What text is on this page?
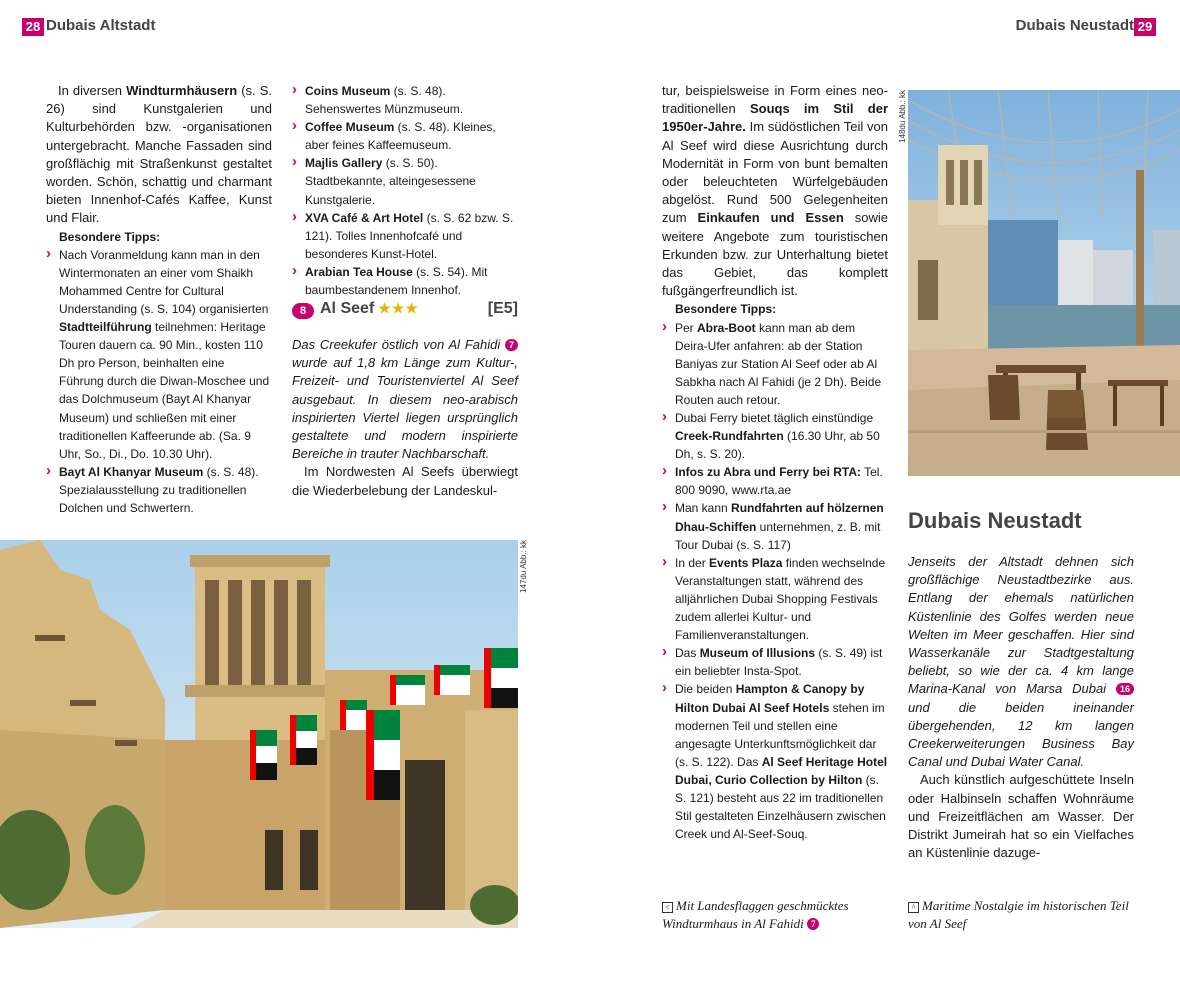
28 Dubais Altstadt	Dubais Neustadt 29

In diversen Windturmhäusern (s. S. 26) sind Kunstgalerien und Kulturbehörden bzw. -organisationen untergebracht. Manche Fassaden sind großflächig mit Straßenkunst gestaltet worden. Schön, schattig und charmant bieten Innenhof-Cafés Kaffee, Kunst und Flair.

Besondere Tipps:
› Nach Voranmeldung kann man in den Wintermonaten an einer vom Shaikh Mohammed Centre for Cultural Understanding (s. S. 104) organisierten Stadtteilführung teilnehmen: Heritage Touren dauern ca. 90 Min., kosten 110 Dh pro Person, beinhalten eine Führung durch die Diwan-Moschee und das Dolchmuseum (Bayt Al Khanyar Museum) und schließen mit einer traditionellen Kaffeerunde ab. (Sa. 9 Uhr, So., Di., Do. 10.30 Uhr).
› Bayt Al Khanyar Museum (s. S. 48). Spezialausstellung zu traditionellen Dolchen und Schwertern.
› Coins Museum (s. S. 48). Sehenswertes Münzmuseum.
› Coffee Museum (s. S. 48). Kleines, aber feines Kaffeemuseum.
› Majlis Gallery (s. S. 50). Stadtbekannte, alteingesessene Kunstgalerie.
› XVA Café & Art Hotel (s. S. 62 bzw. S. 121). Tolles Innenhofcafé und besonderes Kunst-Hotel.
› Arabian Tea House (s. S. 54). Mit baumbestandenem Innenhof.
8 Al Seef ★★★	[E5]

Das Creekufer östlich von Al Fahidi 7 wurde auf 1,8 km Länge zum Kultur-, Freizeit- und Touristenviertel Al Seef ausgebaut. In diesem neo-arabisch inspirierten Viertel liegen ursprünglich gestaltete und modern inspirierte Bereiche in trauter Nachbarschaft.

Im Nordwesten Al Seefs überwiegt die Wiederbelebung der Landeskul-

147du Abb.: kk

tur, beispielsweise in Form eines neo-traditionellen Souqs im Stil der 1950er-Jahre. Im südöstlichen Teil von Al Seef wird diese Ausrichtung durch Modernität in Form von bunt bemalten oder beleuchteten Würfelgebäuden abgelöst. Rund 500 Gelegenheiten zum Einkaufen und Essen sowie weitere Angebote zum touristischen Erkunden bzw. zur Unterhaltung bietet das Gebiet, das komplett fußgängerfreundlich ist.

Besondere Tipps:
› Per Abra-Boot kann man ab dem Deira-Ufer anfahren: ab der Station Baniyas zur Station Al Seef oder ab Al Sabkha nach Al Fahidi (je 2 Dh). Beide Routen auch retour.
› Dubai Ferry bietet täglich einstündige Creek-Rundfahrten (16.30 Uhr, ab 50 Dh, s. S. 20).
› Infos zu Abra und Ferry bei RTA: Tel. 800 9090, www.rta.ae
› Man kann Rundfahrten auf hölzernen Dhau-Schiffen unternehmen, z. B. mit Tour Dubai (s. S. 117)
› In der Events Plaza finden wechselnde Veranstaltungen statt, während des alljährlichen Dubai Shopping Festivals zudem allerlei Kultur- und Familienveranstaltungen.
› Das Museum of Illusions (s. S. 49) ist ein beliebter Insta-Spot.
› Die beiden Hampton & Canopy by Hilton Dubai Al Seef Hotels stehen im modernen Teil und stellen eine angesagte Unterkunftsmöglichkeit dar (s. S. 122). Das Al Seef Heritage Hotel Dubai, Curio Collection by Hilton (s. S. 121) besteht aus 22 im traditionellen Stil gestalteten Einzelhäusern zwischen Creek und Al-Seef-Souq.
148du Abb.: kk
Dubais Neustadt

Jenseits der Altstadt dehnen sich großflächige Neustadtbezirke aus. Entlang der ehemals natürlichen Küstenlinie des Golfes werden neue Welten im Meer geschaffen. Hier sind Wasserkanäle zur Stadtgestaltung beliebt, so wie der ca. 4 km lange Marina-Kanal von Marsa Dubai 16 und die beiden ineinander übergehenden, 12 km langen Creekerweiterungen Business Bay Canal und Dubai Water Canal.

Auch künstlich aufgeschüttete Inseln oder Halbinseln schaffen Wohnräume und Freizeitflächen am Wasser. Der Distrikt Jumeirah hat so ein Vielfaches an Küstenlinie dazuge-

< Mit Landesflaggen geschmücktes Windturmhaus in Al Fahidi 7
^ Maritime Nostalgie im historischen Teil von Al Seef
